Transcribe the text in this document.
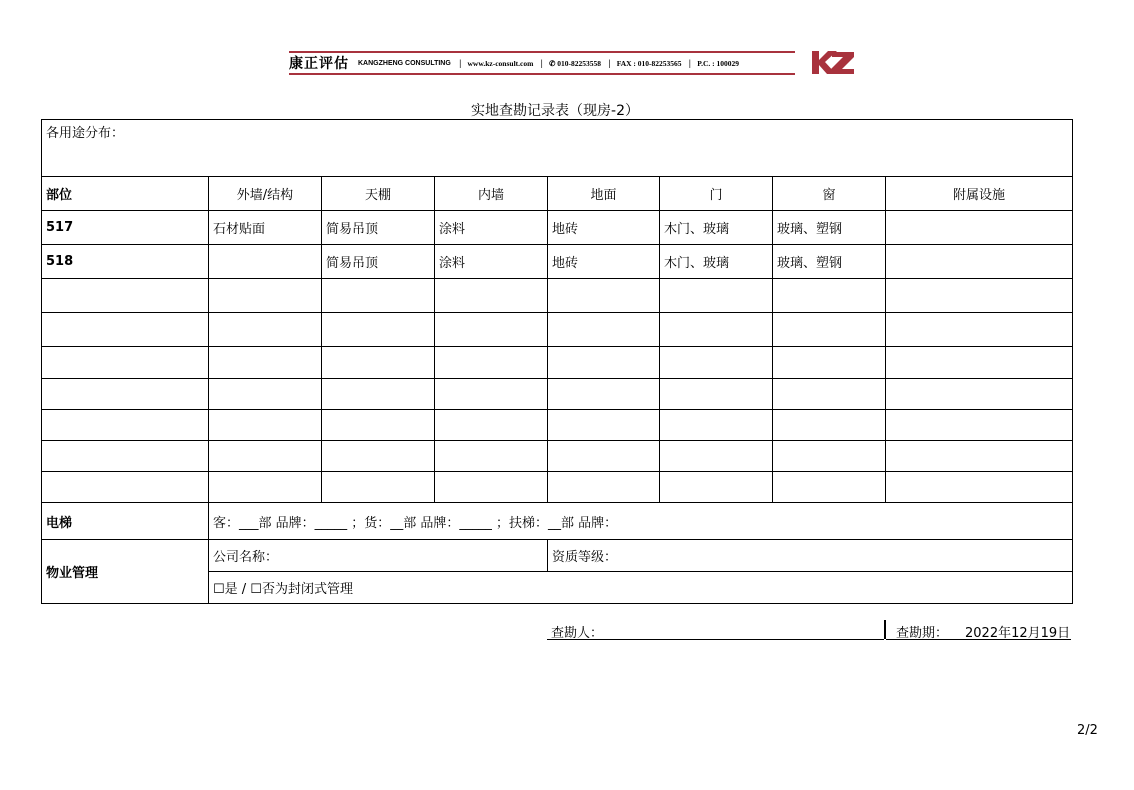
康正评估 KANGZHENG CONSULTING | www.kz-consult.com | ✆ 010-82253558 | FAX : 010-82253565 | P.C. : 100029
实地查勘记录表（现房-2）
各用途分布：							
部位	外墙/结构	天棚	内墙	地面	门	窗	附属设施
517	石材贴面	简易吊顶	涂料	地砖	木门、玻璃	玻璃、塑钢	
518		简易吊顶	涂料	地砖	木门、玻璃	玻璃、塑钢	

电梯	客：___部 品牌：_____ ；货：__部 品牌：_____ ；扶梯：__部 品牌：						
物业管理	公司名称：			资质等级：			
	☐是 / ☐否为封闭式管理						
查勘人：	查勘期： 2022年12月19日
2/2
